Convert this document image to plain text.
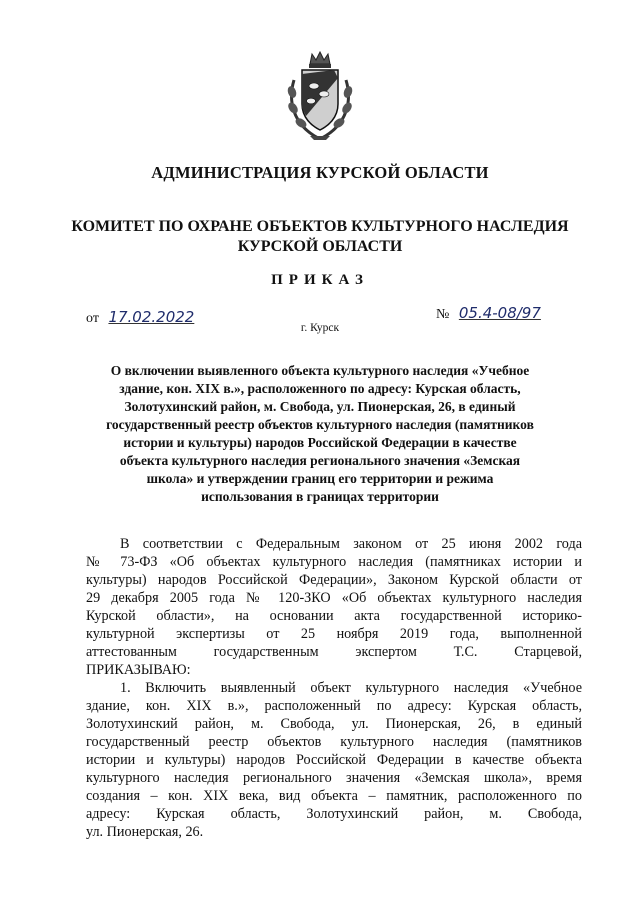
АДМИНИСТРАЦИЯ КУРСКОЙ ОБЛАСТИ
КОМИТЕТ ПО ОХРАНЕ ОБЪЕКТОВ КУЛЬТУРНОГО НАСЛЕДИЯ
КУРСКОЙ ОБЛАСТИ
ПРИКАЗ
от 17.02.2022	№ 05.4-08/97
г. Курск
О включении выявленного объекта культурного наследия «Учебное
здание, кон. XIX в.», расположенного по адресу: Курская область,
Золотухинский район, м. Свобода, ул. Пионерская, 26, в единый
государственный реестр объектов культурного наследия (памятников
истории и культуры) народов Российской Федерации в качестве
объекта культурного наследия регионального значения «Земская
школа» и утверждении границ его территории и режима
использования в границах территории
В соответствии с Федеральным законом от 25 июня 2002 года
№ 73-ФЗ «Об объектах культурного наследия (памятниках истории и
культуры) народов Российской Федерации», Законом Курской области от
29 декабря 2005 года № 120-ЗКО «Об объектах культурного наследия
Курской области», на основании акта государственной историко-
культурной экспертизы от 25 ноября 2019 года, выполненной
аттестованным государственным экспертом Т.С. Старцевой,
ПРИКАЗЫВАЮ:
1. Включить выявленный объект культурного наследия «Учебное
здание, кон. XIX в.», расположенный по адресу: Курская область,
Золотухинский район, м. Свобода, ул. Пионерская, 26, в единый
государственный реестр объектов культурного наследия (памятников
истории и культуры) народов Российской Федерации в качестве объекта
культурного наследия регионального значения «Земская школа», время
создания – кон. XIX века, вид объекта – памятник, расположенного по
адресу: Курская область, Золотухинский район, м. Свобода,
ул. Пионерская, 26.
